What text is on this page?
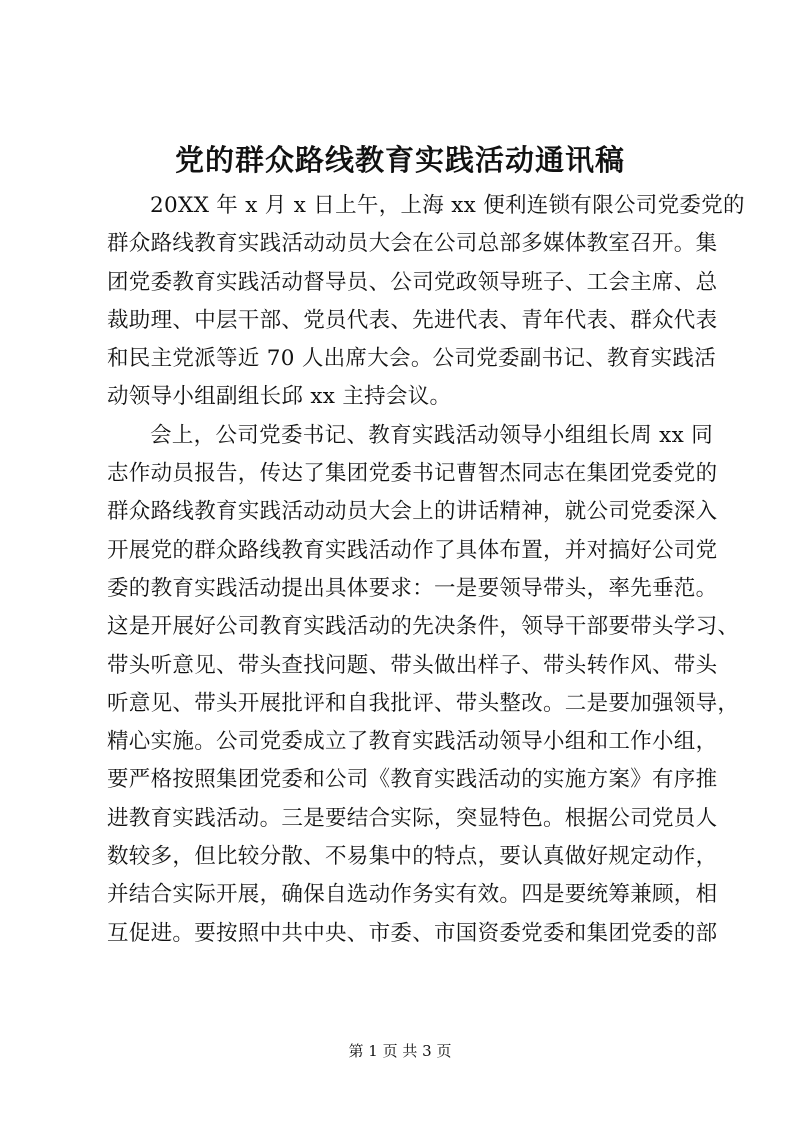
党的群众路线教育实践活动通讯稿
20XX 年 x 月 x 日上午，上海 xx 便利连锁有限公司党委党的
群众路线教育实践活动动员大会在公司总部多媒体教室召开。集
团党委教育实践活动督导员、公司党政领导班子、工会主席、总
裁助理、中层干部、党员代表、先进代表、青年代表、群众代表
和民主党派等近 70 人出席大会。公司党委副书记、教育实践活
动领导小组副组长邱 xx 主持会议。
会上，公司党委书记、教育实践活动领导小组组长周 xx 同
志作动员报告，传达了集团党委书记曹智杰同志在集团党委党的
群众路线教育实践活动动员大会上的讲话精神，就公司党委深入
开展党的群众路线教育实践活动作了具体布置，并对搞好公司党
委的教育实践活动提出具体要求：一是要领导带头，率先垂范。
这是开展好公司教育实践活动的先决条件，领导干部要带头学习、
带头听意见、带头查找问题、带头做出样子、带头转作风、带头
听意见、带头开展批评和自我批评、带头整改。二是要加强领导，
精心实施。公司党委成立了教育实践活动领导小组和工作小组，
要严格按照集团党委和公司《教育实践活动的实施方案》有序推
进教育实践活动。三是要结合实际，突显特色。根据公司党员人
数较多，但比较分散、不易集中的特点，要认真做好规定动作，
并结合实际开展，确保自选动作务实有效。四是要统筹兼顾，相
互促进。要按照中共中央、市委、市国资委党委和集团党委的部
第 1 页 共 3 页
